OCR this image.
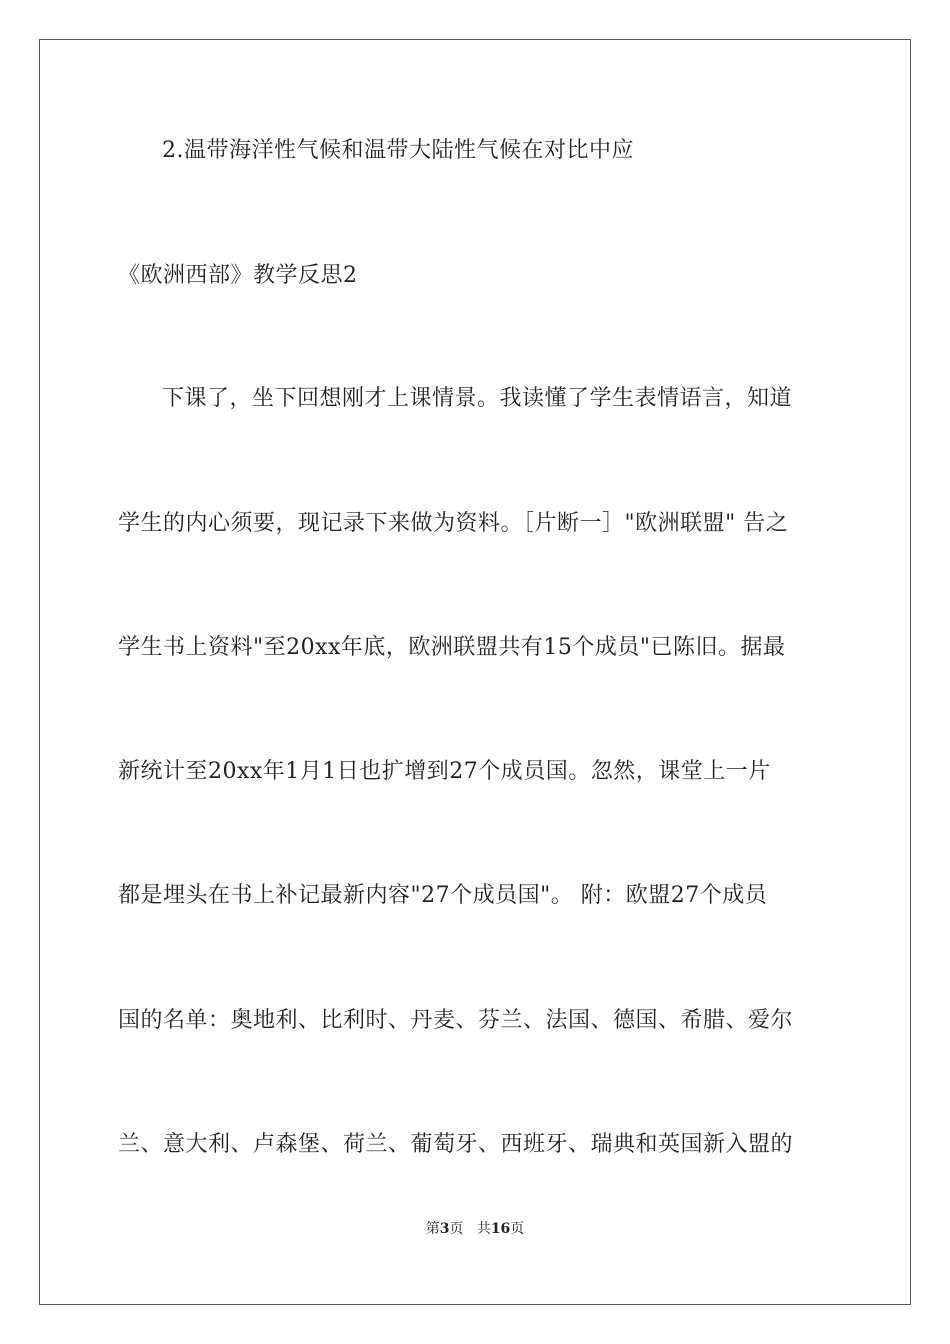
2.温带海洋性气候和温带大陆性气候在对比中应
《欧洲西部》教学反思2
下课了，坐下回想刚才上课情景。我读懂了学生表情语言，知道
学生的内心须要，现记录下来做为资料。［片断一］"欧洲联盟" 告之
学生书上资料"至20xx年底，欧洲联盟共有15个成员"已陈旧。据最
新统计至20xx年1月1日也扩增到27个成员国。忽然，课堂上一片
都是埋头在书上补记最新内容"27个成员国"。 附：欧盟27个成员
国的名单：奥地利、比利时、丹麦、芬兰、法国、德国、希腊、爱尔
兰、意大利、卢森堡、荷兰、葡萄牙、西班牙、瑞典和英国新入盟的
第3页 共16页
